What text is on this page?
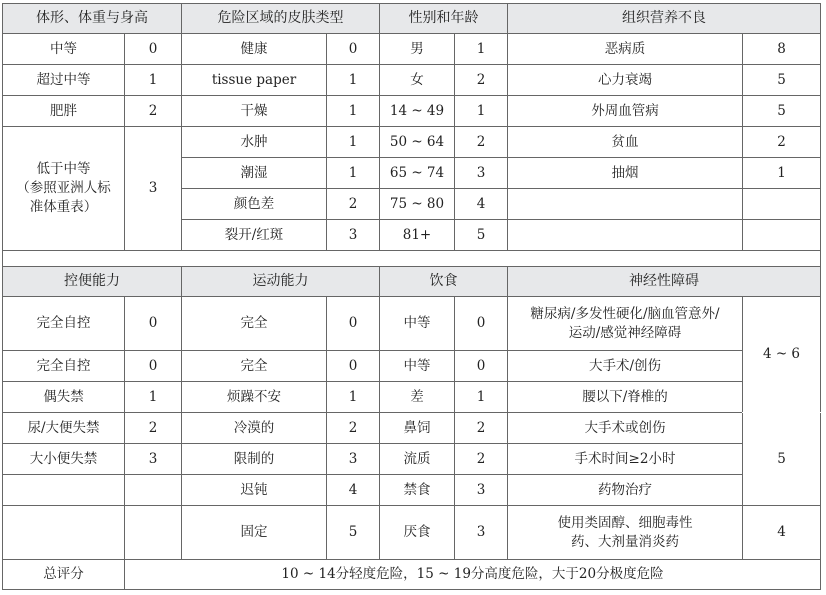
体形、体重与身高		危险区域的皮肤类型		性别和年龄		组织营养不良	
中等	0	健康	0	男	1	恶病质	8
超过中等	1	tissue paper	1	女	2	心力衰竭	5
肥胖	2	干燥	1	14 ~ 49	1	外周血管病	5

低于中等
（参照亚洲人标
准体重表）	3	水肿	1	50 ~ 64	2	贫血	2
		潮湿	1	65 ~ 74	3	抽烟	1
		颜色差	2	75 ~ 80	4		
		裂开/红斑	3	81+	5		

控便能力		运动能力		饮食		神经性障碍	
完全自控	0	完全	0	中等	0	糖尿病/多发性硬化/脑血管意外/
运动/感觉神经障碍	4 ~ 6
完全自控	0	完全	0	中等	0	大手术/创伤	
偶失禁	1	烦躁不安	1	差	1	腰以下/脊椎的	
尿/大便失禁	2	冷漠的	2	鼻饲	2	大手术或创伤	5
大小便失禁	3	限制的	3	流质	2	手术时间≥2小时	
		迟钝	4	禁食	3	药物治疗	
		固定	5	厌食	3	使用类固醇、细胞毒性
药、大剂量消炎药	4
总评分	10 ~ 14分轻度危险，15 ~ 19分高度危险，大于20分极度危险						
